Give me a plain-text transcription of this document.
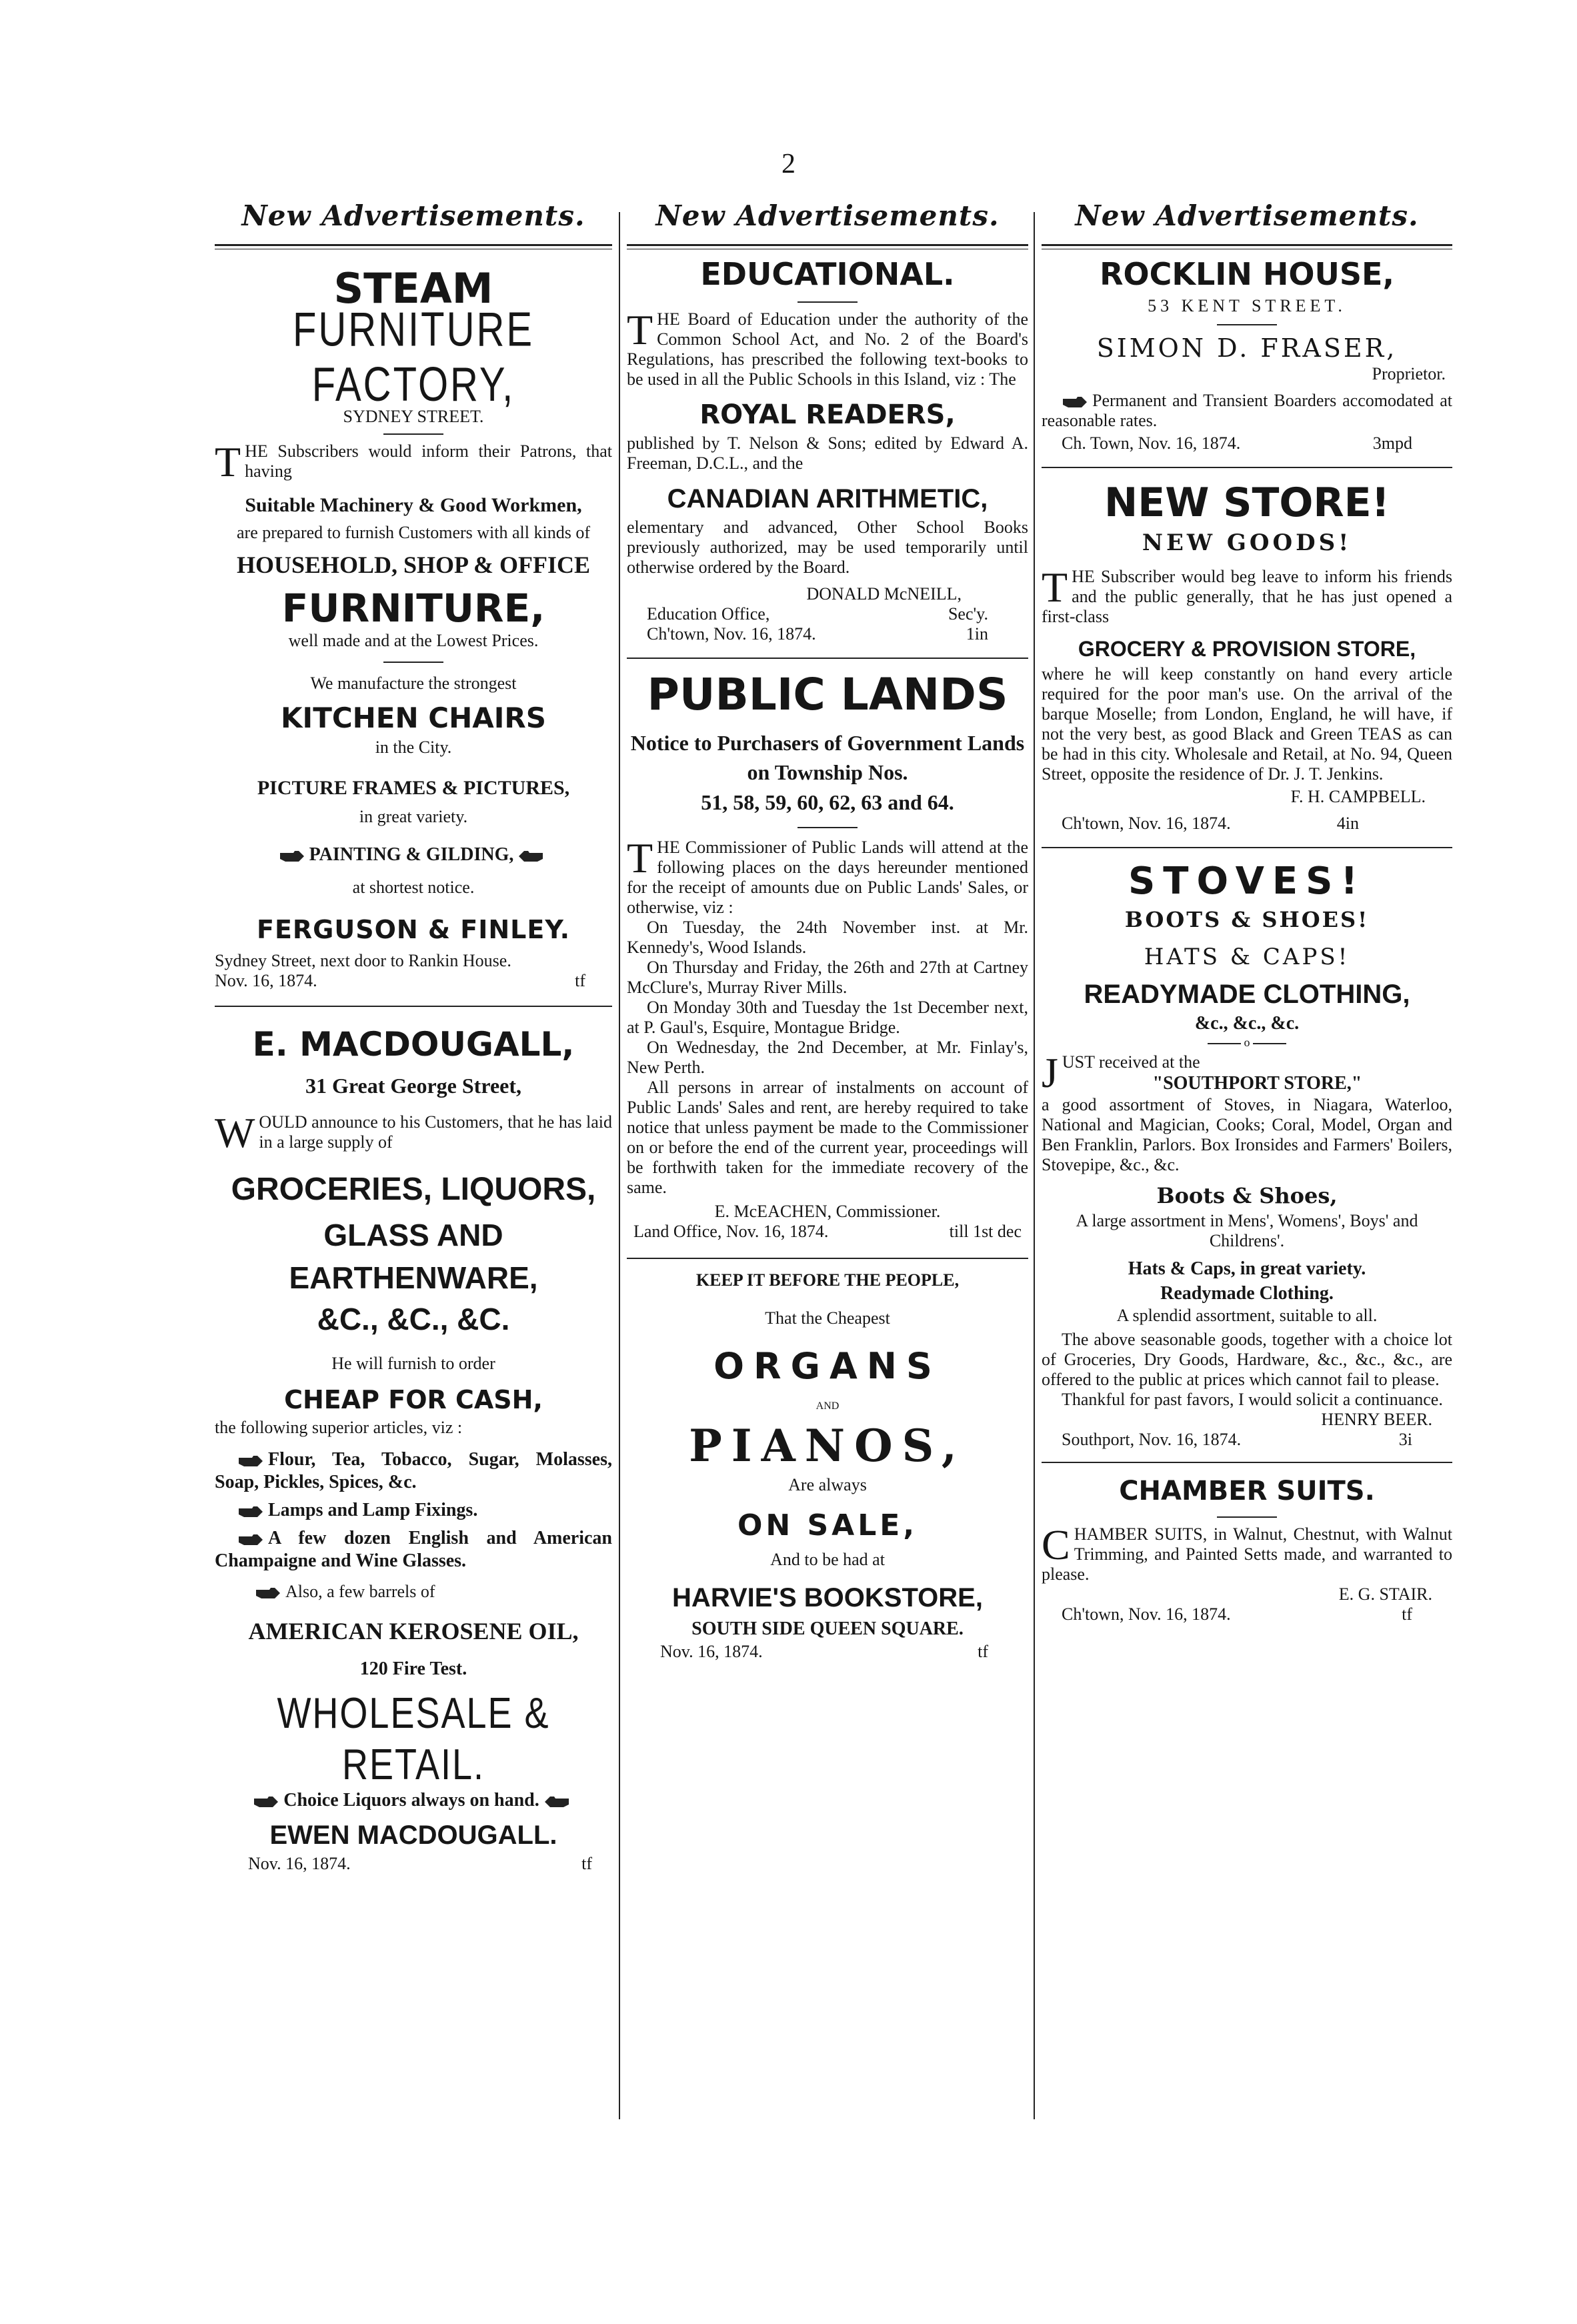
2
New Advertisements.
STEAM
FURNITURE FACTORY,
SYDNEY STREET.
THE Subscribers would inform their Patrons, that having
Suitable Machinery & Good Workmen,
are prepared to furnish Customers with all kinds of
HOUSEHOLD, SHOP & OFFICE
FURNITURE,
well made and at the Lowest Prices.
We manufacture the strongest
KITCHEN CHAIRS
in the City.
PICTURE FRAMES & PICTURES,
in great variety.
PAINTING & GILDING,
at shortest notice.
FERGUSON & FINLEY.
Sydney Street, next door to Rankin House.
Nov. 16, 1874.	tf
E. MACDOUGALL,
31 Great George Street,
WOULD announce to his Customers, that he has laid in a large supply of
GROCERIES, LIQUORS,
GLASS AND EARTHENWARE,
&C., &C., &C.
He will furnish to order
CHEAP FOR CASH,
the following superior articles, viz :
Flour, Tea, Tobacco, Sugar, Molasses, Soap, Pickles, Spices, &c.
Lamps and Lamp Fixings.
A few dozen English and American Champaigne and Wine Glasses.
Also, a few barrels of
AMERICAN KEROSENE OIL,
120 Fire Test.
WHOLESALE & RETAIL.
Choice Liquors always on hand.
EWEN MACDOUGALL.
Nov. 16, 1874.	tf
New Advertisements.
EDUCATIONAL.
THE Board of Education under the authority of the Common School Act, and No. 2 of the Board's Regulations, has prescribed the following text-books to be used in all the Public Schools in this Island, viz : The
ROYAL READERS,
published by T. Nelson & Sons; edited by Edward A. Freeman, D.C.L., and the
CANADIAN ARITHMETIC,
elementary and advanced, Other School Books previously authorized, may be used temporarily until otherwise ordered by the Board.
DONALD McNEILL,
Education Office,	Sec'y.
Ch'town, Nov. 16, 1874.	1in
PUBLIC LANDS
Notice to Purchasers of Government Lands on Township Nos.
51, 58, 59, 60, 62, 63 and 64.
THE Commissioner of Public Lands will attend at the following places on the days hereunder mentioned for the receipt of amounts due on Public Lands' Sales, or otherwise, viz :
On Tuesday, the 24th November inst. at Mr. Kennedy's, Wood Islands.
On Thursday and Friday, the 26th and 27th at Cartney McClure's, Murray River Mills.
On Monday 30th and Tuesday the 1st December next, at P. Gaul's, Esquire, Montague Bridge.
On Wednesday, the 2nd December, at Mr. Finlay's, New Perth.
All persons in arrear of instalments on account of Public Lands' Sales and rent, are hereby required to take notice that unless payment be made to the Commissioner on or before the end of the current year, proceedings will be forthwith taken for the immediate recovery of the same.
E. McEACHEN, Commissioner.
Land Office, Nov. 16, 1874.	till 1st dec
KEEP IT BEFORE THE PEOPLE,
That the Cheapest
ORGANS
AND
PIANOS,
Are always
ON SALE,
And to be had at
HARVIE'S BOOKSTORE,
SOUTH SIDE QUEEN SQUARE.
Nov. 16, 1874.	tf
New Advertisements.
ROCKLIN HOUSE,
53 KENT STREET.
SIMON D. FRASER,
Proprietor.
Permanent and Transient Boarders accomodated at reasonable rates.
Ch. Town, Nov. 16, 1874.	3mpd
NEW STORE!
NEW GOODS!
THE Subscriber would beg leave to inform his friends and the public generally, that he has just opened a first-class
GROCERY & PROVISION STORE,
where he will keep constantly on hand every article required for the poor man's use. On the arrival of the barque Moselle; from London, England, he will have, if not the very best, as good Black and Green TEAS as can be had in this city. Wholesale and Retail, at No. 94, Queen Street, opposite the residence of Dr. J. T. Jenkins.
F. H. CAMPBELL.
Ch'town, Nov. 16, 1874.	4in
STOVES!
BOOTS & SHOES!
HATS & CAPS!
READYMADE CLOTHING,
&c., &c., &c.
o
JUST received at the
"SOUTHPORT STORE,"
a good assortment of Stoves, in Niagara, Waterloo, National and Magician, Cooks; Coral, Model, Organ and Ben Franklin, Parlors. Box Ironsides and Farmers' Boilers, Stovepipe, &c., &c.
Boots & Shoes,
A large assortment in Mens', Womens', Boys' and Childrens'.
Hats & Caps, in great variety.
Readymade Clothing.
A splendid assortment, suitable to all.
The above seasonable goods, together with a choice lot of Groceries, Dry Goods, Hardware, &c., &c., &c., are offered to the public at prices which cannot fail to please.
Thankful for past favors, I would solicit a continuance.
HENRY BEER.
Southport, Nov. 16, 1874.	3i
CHAMBER SUITS.
CHAMBER SUITS, in Walnut, Chestnut, with Walnut Trimming, and Painted Setts made, and warranted to please.
E. G. STAIR.
Ch'town, Nov. 16, 1874.	tf
